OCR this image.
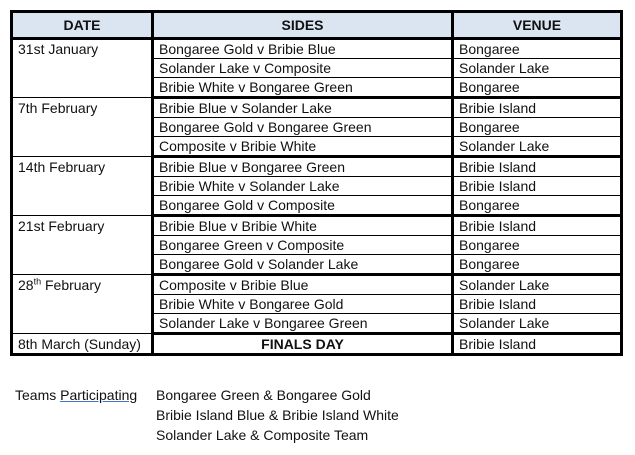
DATE	SIDES	VENUE
31st January	Bongaree Gold v Bribie Blue	Bongaree
	Solander Lake v Composite	Solander Lake
	Bribie White v Bongaree Green	Bongaree
7th February	Bribie Blue v Solander Lake	Bribie Island
	Bongaree Gold v Bongaree Green	Bongaree
	Composite v Bribie White	Solander Lake
14th February	Bribie Blue v Bongaree Green	Bribie Island
	Bribie White v Solander Lake	Bribie Island
	Bongaree Gold v Composite	Bongaree
21st February	Bribie Blue v Bribie White	Bribie Island
	Bongaree Green v Composite	Bongaree
	Bongaree Gold v Solander Lake	Bongaree
28th February	Composite v Bribie Blue	Solander Lake
	Bribie White v Bongaree Gold	Bribie Island
	Solander Lake v Bongaree Green	Solander Lake
8th March (Sunday)	FINALS DAY	Bribie Island
Teams Participating Bongaree Green & Bongaree Gold
Bribie Island Blue & Bribie Island White
Solander Lake & Composite Team
